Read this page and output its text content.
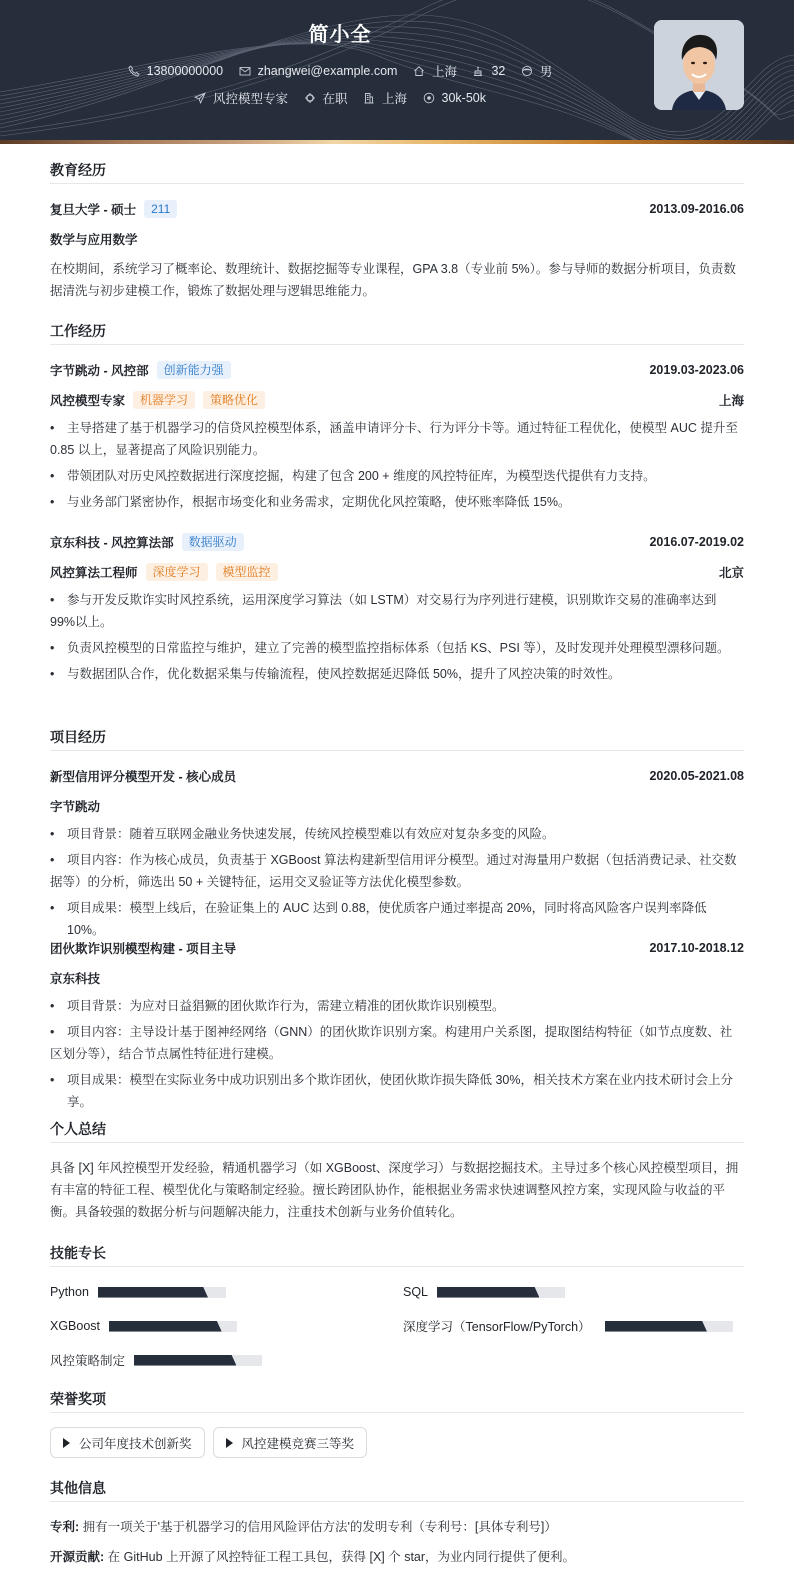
简小全
13800000000
	zhangwei@example.com
	上海
	32
	男
风控模型专家
	在职
	上海
	30k-50k
教育经历
复旦大学 - 硕士	211	2013.09-2016.06
数学与应用数学
在校期间，系统学习了概率论、数理统计、数据挖掘等专业课程，GPA 3.8（专业前 5%）。参与导师的数据分析项目，负责数据清洗与初步建模工作，锻炼了数据处理与逻辑思维能力。
工作经历
字节跳动 - 风控部	创新能力强	2019.03-2023.06
风控模型专家	机器学习	策略优化	上海
• 主导搭建了基于机器学习的信贷风控模型体系，涵盖申请评分卡、行为评分卡等。通过特征工程优化，使模型 AUC 提升至 0.85 以上，显著提高了风险识别能力。
• 带领团队对历史风控数据进行深度挖掘，构建了包含 200 + 维度的风控特征库，为模型迭代提供有力支持。
• 与业务部门紧密协作，根据市场变化和业务需求，定期优化风控策略，使坏账率降低 15%。
京东科技 - 风控算法部	数据驱动	2016.07-2019.02
风控算法工程师	深度学习	模型监控	北京
• 参与开发反欺诈实时风控系统，运用深度学习算法（如 LSTM）对交易行为序列进行建模，识别欺诈交易的准确率达到 99%以上。
• 负责风控模型的日常监控与维护，建立了完善的模型监控指标体系（包括 KS、PSI 等），及时发现并处理模型漂移问题。
• 与数据团队合作，优化数据采集与传输流程，使风控数据延迟降低 50%，提升了风控决策的时效性。
项目经历
新型信用评分模型开发 - 核心成员	2020.05-2021.08
字节跳动
• 项目背景：随着互联网金融业务快速发展，传统风控模型难以有效应对复杂多变的风险。
• 项目内容：作为核心成员，负责基于 XGBoost 算法构建新型信用评分模型。通过对海量用户数据（包括消费记录、社交数据等）的分析，筛选出 50 + 关键特征，运用交叉验证等方法优化模型参数。
• 项目成果：模型上线后，在验证集上的 AUC 达到 0.88，使优质客户通过率提高 20%，同时将高风险客户误判率降低 10%。
团伙欺诈识别模型构建 - 项目主导	2017.10-2018.12
京东科技
• 项目背景：为应对日益猖獗的团伙欺诈行为，需建立精准的团伙欺诈识别模型。
• 项目内容：主导设计基于图神经网络（GNN）的团伙欺诈识别方案。构建用户关系图，提取图结构特征（如节点度数、社区划分等），结合节点属性特征进行建模。
• 项目成果：模型在实际业务中成功识别出多个欺诈团伙，使团伙欺诈损失降低 30%，相关技术方案在业内技术研讨会上分享。
个人总结
具备 [X] 年风控模型开发经验，精通机器学习（如 XGBoost、深度学习）与数据挖掘技术。主导过多个核心风控模型项目，拥有丰富的特征工程、模型优化与策略制定经验。擅长跨团队协作，能根据业务需求快速调整风控方案，实现风险与收益的平衡。具备较强的数据分析与问题解决能力，注重技术创新与业务价值转化。
技能专长
Python	SQL
XGBoost	深度学习（TensorFlow/PyTorch）
风控策略制定
荣誉奖项
公司年度技术创新奖	风控建模竞赛三等奖
其他信息
专利: 拥有一项关于'基于机器学习的信用风险评估方法'的发明专利（专利号：[具体专利号]）
开源贡献: 在 GitHub 上开源了风控特征工程工具包，获得 [X] 个 star，为业内同行提供了便利。
